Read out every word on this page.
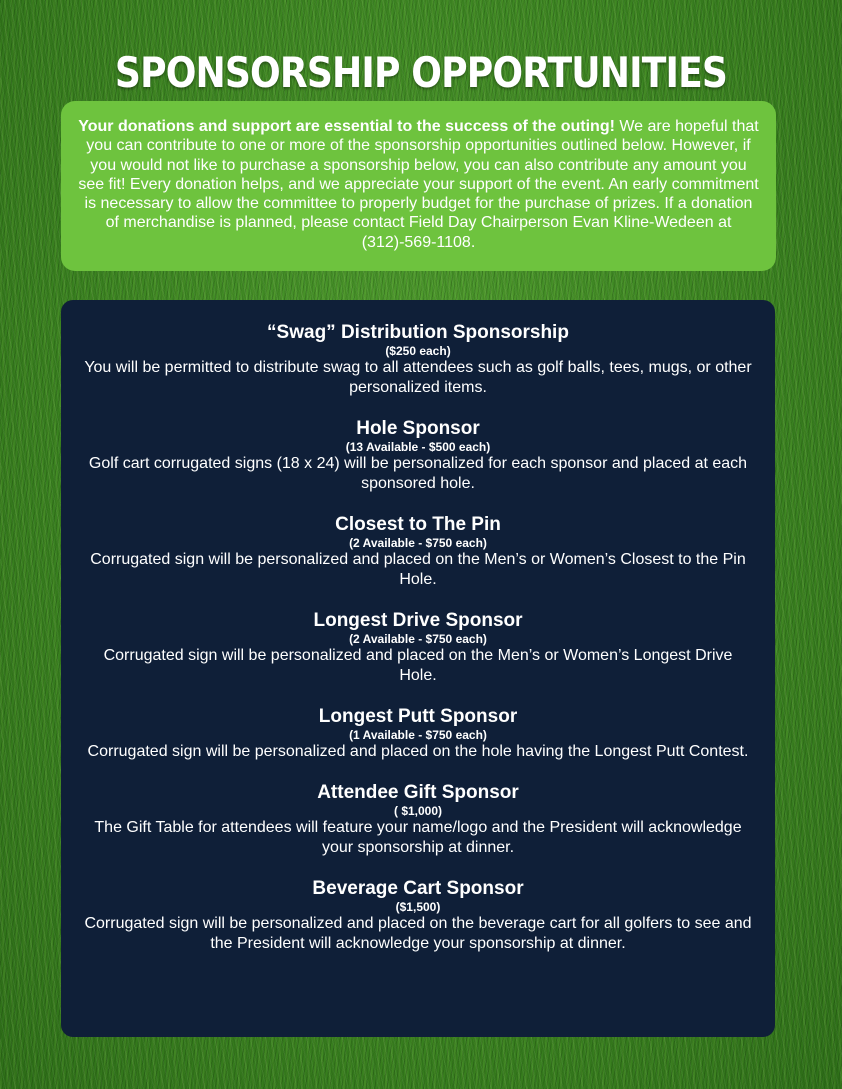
SPONSORSHIP OPPORTUNITIES
Your donations and support are essential to the success of the outing! We are hopeful that you can contribute to one or more of the sponsorship opportunities outlined below. However, if you would not like to purchase a sponsorship below, you can also contribute any amount you see fit! Every donation helps, and we appreciate your support of the event. An early commitment is necessary to allow the committee to properly budget for the purchase of prizes. If a donation of merchandise is planned, please contact Field Day Chairperson Evan Kline-Wedeen at (312)-569-1108.
“Swag” Distribution Sponsorship
($250 each)
You will be permitted to distribute swag to all attendees such as golf balls, tees, mugs, or other personalized items.
Hole Sponsor
(13 Available - $500 each)
Golf cart corrugated signs (18 x 24) will be personalized for each sponsor and placed at each sponsored hole.
Closest to The Pin
(2 Available - $750 each)
Corrugated sign will be personalized and placed on the Men’s or Women’s Closest to the Pin Hole.
Longest Drive Sponsor
(2 Available - $750 each)
Corrugated sign will be personalized and placed on the Men’s or Women’s Longest Drive Hole.
Longest Putt Sponsor
(1 Available - $750 each)
Corrugated sign will be personalized and placed on the hole having the Longest Putt Contest.
Attendee Gift Sponsor
( $1,000)
The Gift Table for attendees will feature your name/logo and the President will acknowledge your sponsorship at dinner.
Beverage Cart Sponsor
($1,500)
Corrugated sign will be personalized and placed on the beverage cart for all golfers to see and the President will acknowledge your sponsorship at dinner.
